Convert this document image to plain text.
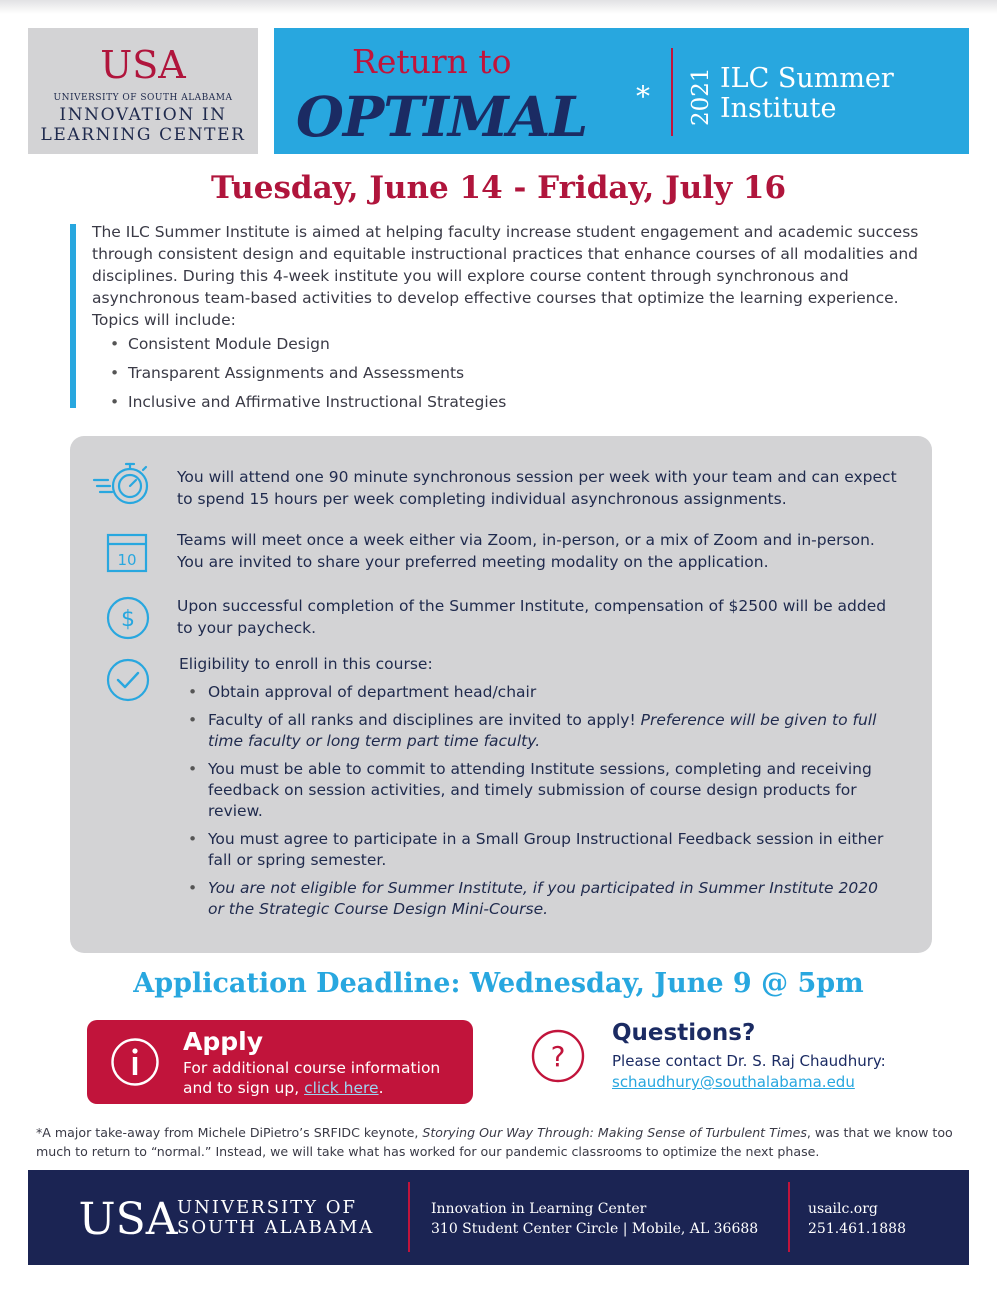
USA
UNIVERSITY OF SOUTH ALABAMA
INNOVATION IN
LEARNING CENTER
Return to
OPTIMAL * 2021 ILC Summer
Institute
Tuesday, June 14 - Friday, July 16

The ILC Summer Institute is aimed at helping faculty increase student engagement and academic success through consistent design and equitable instructional practices that enhance courses of all modalities and disciplines. During this 4-week institute you will explore course content through synchronous and asynchronous team-based activities to develop effective courses that optimize the learning experience. Topics will include:

• Consistent Module Design
• Transparent Assignments and Assessments
• Inclusive and Affirmative Instructional Strategies
You will attend one 90 minute synchronous session per week with your team and can expect to spend 15 hours per week completing individual asynchronous assignments.
10
Teams will meet once a week either via Zoom, in-person, or a mix of Zoom and in-person. You are invited to share your preferred meeting modality on the application.
$
Upon successful completion of the Summer Institute, compensation of $2500 will be added to your paycheck.
Eligibility to enroll in this course:
• Obtain approval of department head/chair
• Faculty of all ranks and disciplines are invited to apply! Preference will be given to full time faculty or long term part time faculty.
• You must be able to commit to attending Institute sessions, completing and receiving feedback on session activities, and timely submission of course design products for review.
• You must agree to participate in a Small Group Instructional Feedback session in either fall or spring semester.
• You are not eligible for Summer Institute, if you participated in Summer Institute 2020 or the Strategic Course Design Mini-Course.
Application Deadline: Wednesday, June 9 @ 5pm
Apply
For additional course information and to sign up, click here.
?
Questions?
Please contact Dr. S. Raj Chaudhury:
schaudhury@southalabama.edu

*A major take-away from Michele DiPietro’s SRFIDC keynote, Storying Our Way Through: Making Sense of Turbulent Times, was that we know too much to return to “normal.” Instead, we will take what has worked for our pandemic classrooms to optimize the next phase.

USA UNIVERSITY OF
SOUTH ALABAMA
Innovation in Learning Center
310 Student Center Circle | Mobile, AL 36688
usailc.org
251.461.1888
